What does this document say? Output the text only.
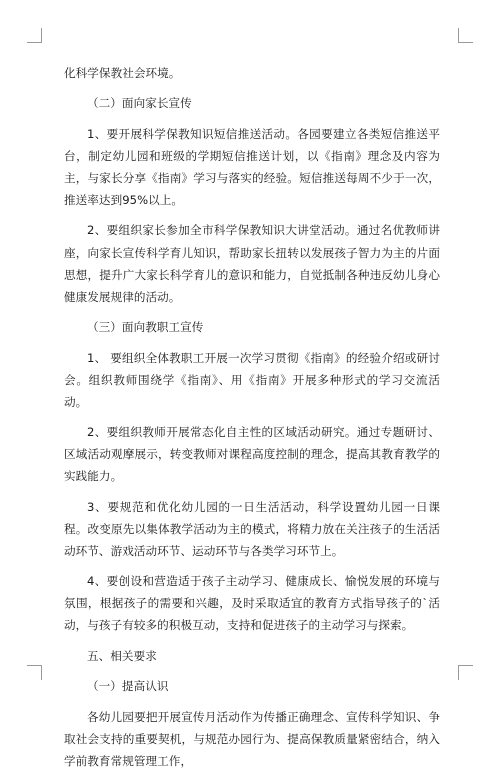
化科学保教社会环境。

（二）面向家长宣传

1、要开展科学保教知识短信推送活动。各园要建立各类短信推送平台，制定幼儿园和班级的学期短信推送计划，以《指南》理念及内容为主，与家长分享《指南》学习与落实的经验。短信推送每周不少于一次，推送率达到95%以上。

2、要组织家长参加全市科学保教知识大讲堂活动。通过名优教师讲座，向家长宣传科学育儿知识，帮助家长扭转以发展孩子智力为主的片面思想，提升广大家长科学育儿的意识和能力，自觉抵制各种违反幼儿身心健康发展规律的活动。

（三）面向教职工宣传

1、 要组织全体教职工开展一次学习贯彻《指南》的经验介绍或研讨会。组织教师围绕学《指南》、用《指南》开展多种形式的学习交流活动。

2、要组织教师开展常态化自主性的区域活动研究。通过专题研讨、区域活动观摩展示，转变教师对课程高度控制的理念，提高其教育教学的实践能力。

3、要规范和优化幼儿园的一日生活活动，科学设置幼儿园一日课程。改变原先以集体教学活动为主的模式，将精力放在关注孩子的生活活动环节、游戏活动环节、运动环节与各类学习环节上。

4、要创设和营造适于孩子主动学习、健康成长、愉悦发展的环境与氛围，根据孩子的需要和兴趣，及时采取适宜的教育方式指导孩子的`活动，与孩子有较多的积极互动，支持和促进孩子的主动学习与探索。

五、相关要求

（一）提高认识

各幼儿园要把开展宣传月活动作为传播正确理念、宣传科学知识、争取社会支持的重要契机，与规范办园行为、提高保教质量紧密结合，纳入学前教育常规管理工作，
